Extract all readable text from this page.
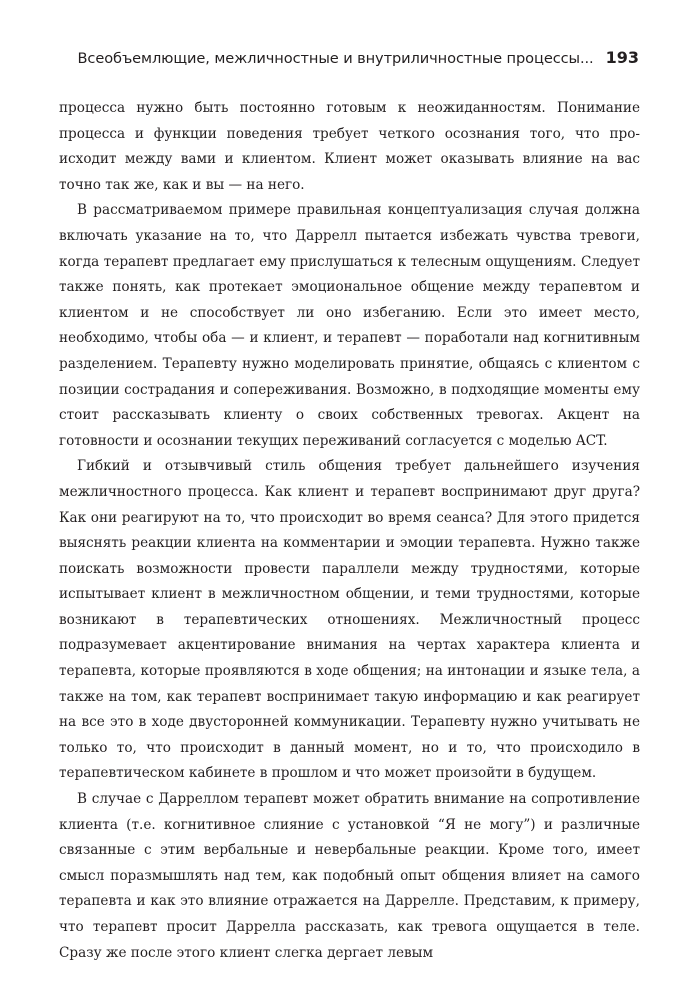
Всеобъемлющие, межличностные и внутриличностные процессы... 193

процесса нужно быть постоянно готовым к неожиданностям. Понимание процесса и функции поведения требует четкого осознания того, что происходит между вами и клиентом. Клиент может оказывать влияние на вас точно так же, как и вы — на него.

В рассматриваемом примере правильная концептуализация случая должна включать указание на то, что Даррелл пытается избежать чувства тревоги, когда терапевт предлагает ему прислушаться к телесным ощущениям. Следует также понять, как протекает эмоциональное общение между терапевтом и клиентом и не способствует ли оно избеганию. Если это имеет место, необходимо, чтобы оба — и клиент, и терапевт — поработали над когнитивным разделением. Терапевту нужно моделировать принятие, общаясь с клиентом с позиции сострадания и сопереживания. Возможно, в подходящие моменты ему стоит рассказывать клиенту о своих собственных тревогах. Акцент на готовности и осознании текущих переживаний согласуется с моделью ACT.

Гибкий и отзывчивый стиль общения требует дальнейшего изучения межличностного процесса. Как клиент и терапевт воспринимают друг друга? Как они реагируют на то, что происходит во время сеанса? Для этого придется выяснять реакции клиента на комментарии и эмоции терапевта. Нужно также поискать возможности провести параллели между трудностями, которые испытывает клиент в межличностном общении, и теми трудностями, которые возникают в терапевтических отношениях. Межличностный процесс подразумевает акцентирование внимания на чертах характера клиента и терапевта, которые проявляются в ходе общения; на интонации и языке тела, а также на том, как терапевт воспринимает такую информацию и как реагирует на все это в ходе двусторонней коммуникации. Терапевту нужно учитывать не только то, что происходит в данный момент, но и то, что происходило в терапевтическом кабинете в прошлом и что может произойти в будущем.

В случае с Дарреллом терапевт может обратить внимание на сопротивление клиента (т.е. когнитивное слияние с установкой “Я не могу”) и различные связанные с этим вербальные и невербальные реакции. Кроме того, имеет смысл поразмышлять над тем, как подобный опыт общения влияет на самого терапевта и как это влияние отражается на Даррелле. Представим, к примеру, что терапевт просит Даррелла рассказать, как тревога ощущается в теле. Сразу же после этого клиент слегка дергает левым
